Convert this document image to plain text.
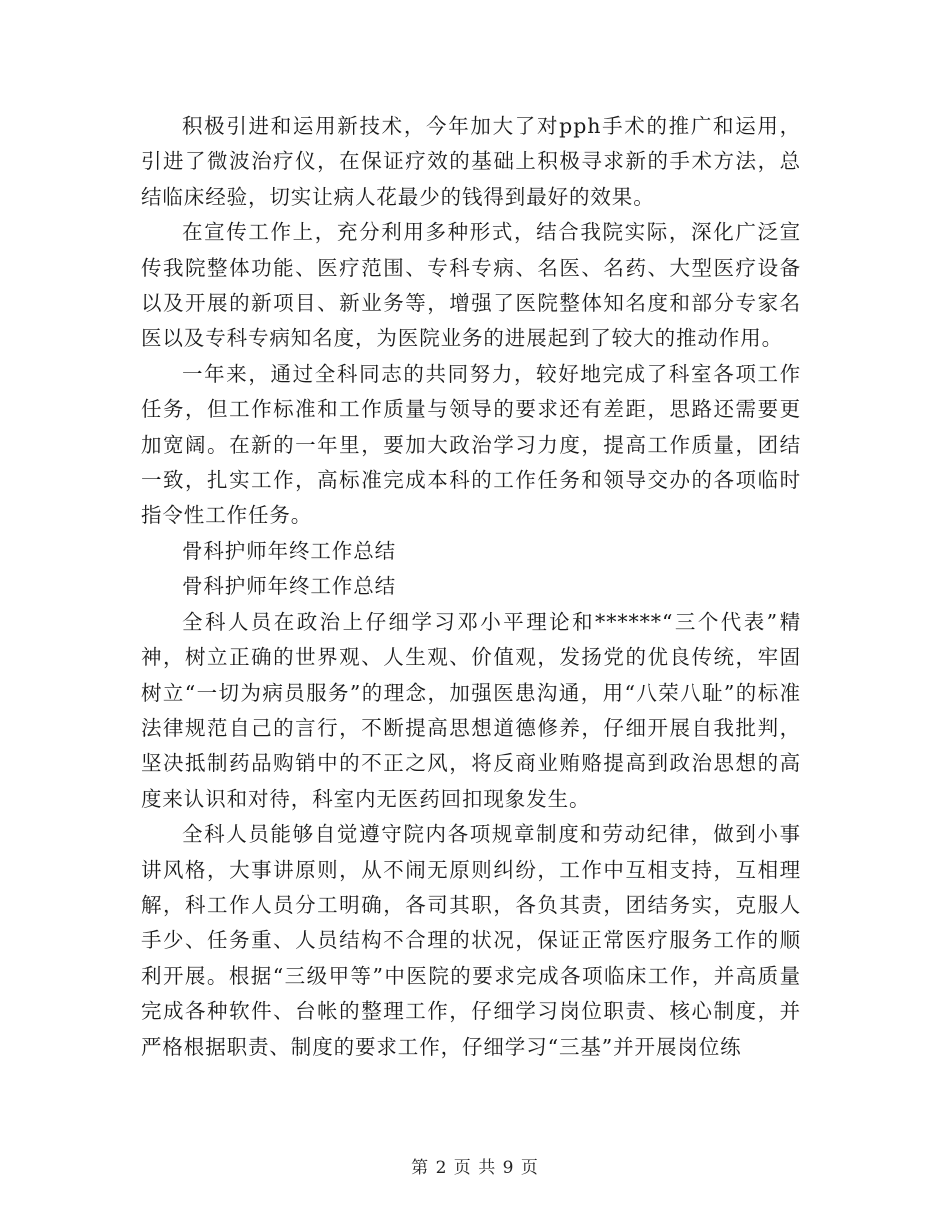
积极引进和运用新技术，今年加大了对pph手术的推广和运用，引进了微波治疗仪，在保证疗效的基础上积极寻求新的手术方法，总结临床经验，切实让病人花最少的钱得到最好的效果。

在宣传工作上，充分利用多种形式，结合我院实际，深化广泛宣传我院整体功能、医疗范围、专科专病、名医、名药、大型医疗设备以及开展的新项目、新业务等，增强了医院整体知名度和部分专家名医以及专科专病知名度，为医院业务的进展起到了较大的推动作用。

一年来，通过全科同志的共同努力，较好地完成了科室各项工作任务，但工作标准和工作质量与领导的要求还有差距，思路还需要更加宽阔。在新的一年里，要加大政治学习力度，提高工作质量，团结一致，扎实工作，高标准完成本科的工作任务和领导交办的各项临时指令性工作任务。

骨科护师年终工作总结

骨科护师年终工作总结

全科人员在政治上仔细学习邓小平理论和******“三个代表”精神，树立正确的世界观、人生观、价值观，发扬党的优良传统，牢固树立“一切为病员服务”的理念，加强医患沟通，用“八荣八耻”的标准法律规范自己的言行，不断提高思想道德修养，仔细开展自我批判，坚决抵制药品购销中的不正之风，将反商业贿赂提高到政治思想的高度来认识和对待，科室内无医药回扣现象发生。

全科人员能够自觉遵守院内各项规章制度和劳动纪律，做到小事讲风格，大事讲原则，从不闹无原则纠纷，工作中互相支持，互相理解，科工作人员分工明确，各司其职，各负其责，团结务实，克服人手少、任务重、人员结构不合理的状况，保证正常医疗服务工作的顺利开展。根据“三级甲等”中医院的要求完成各项临床工作，并高质量完成各种软件、台帐的整理工作，仔细学习岗位职责、核心制度，并严格根据职责、制度的要求工作，仔细学习“三基”并开展岗位练

第 2 页 共 9 页
